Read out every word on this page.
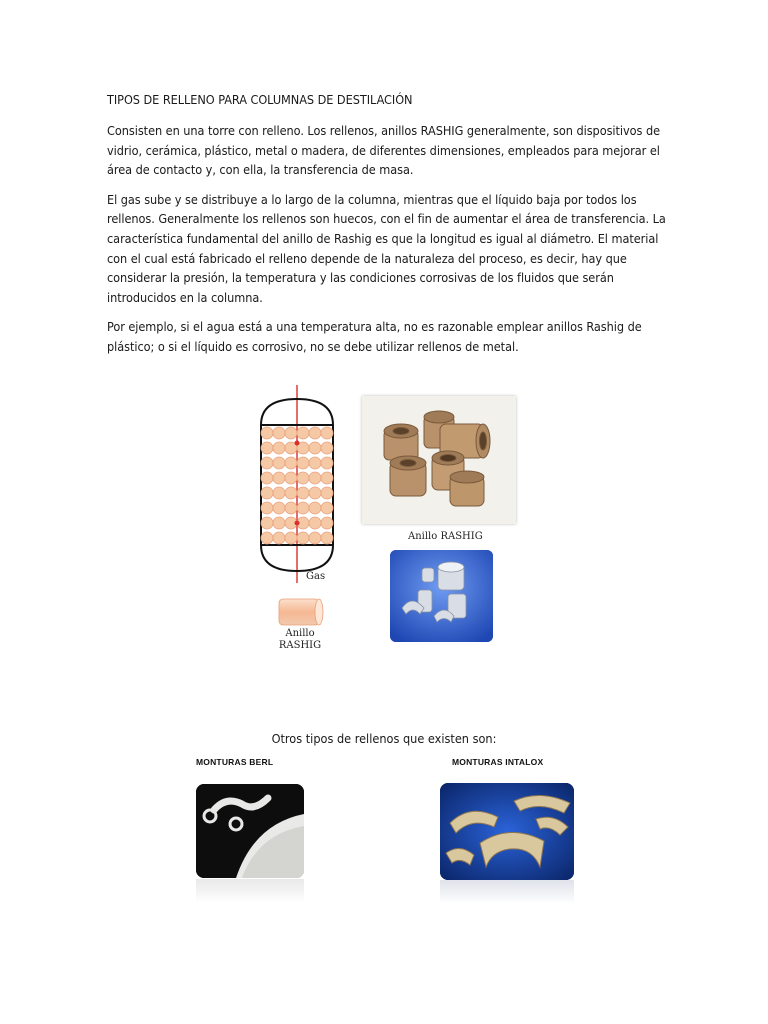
TIPOS DE RELLENO PARA COLUMNAS DE DESTILACIÓN

Consisten en una torre con relleno. Los rellenos, anillos RASHIG generalmente, son dispositivos de vidrio, cerámica, plástico, metal o madera, de diferentes dimensiones, empleados para mejorar el área de contacto y, con ella, la transferencia de masa.

El gas sube y se distribuye a lo largo de la columna, mientras que el líquido baja por todos los rellenos. Generalmente los rellenos son huecos, con el fin de aumentar el área de transferencia. La característica fundamental del anillo de Rashig es que la longitud es igual al diámetro. El material con el cual está fabricado el relleno depende de la naturaleza del proceso, es decir, hay que considerar la presión, la temperatura y las condiciones corrosivas de los fluidos que serán introducidos en la columna.

Por ejemplo, si el agua está a una temperatura alta, no es razonable emplear anillos Rashig de plástico; o si el líquido es corrosivo, no se debe utilizar rellenos de metal.

Gas
Anillo
RASHIG
Anillo RASHIG
Otros tipos de rellenos que existen son:
MONTURAS BERL	MONTURAS INTALOX
